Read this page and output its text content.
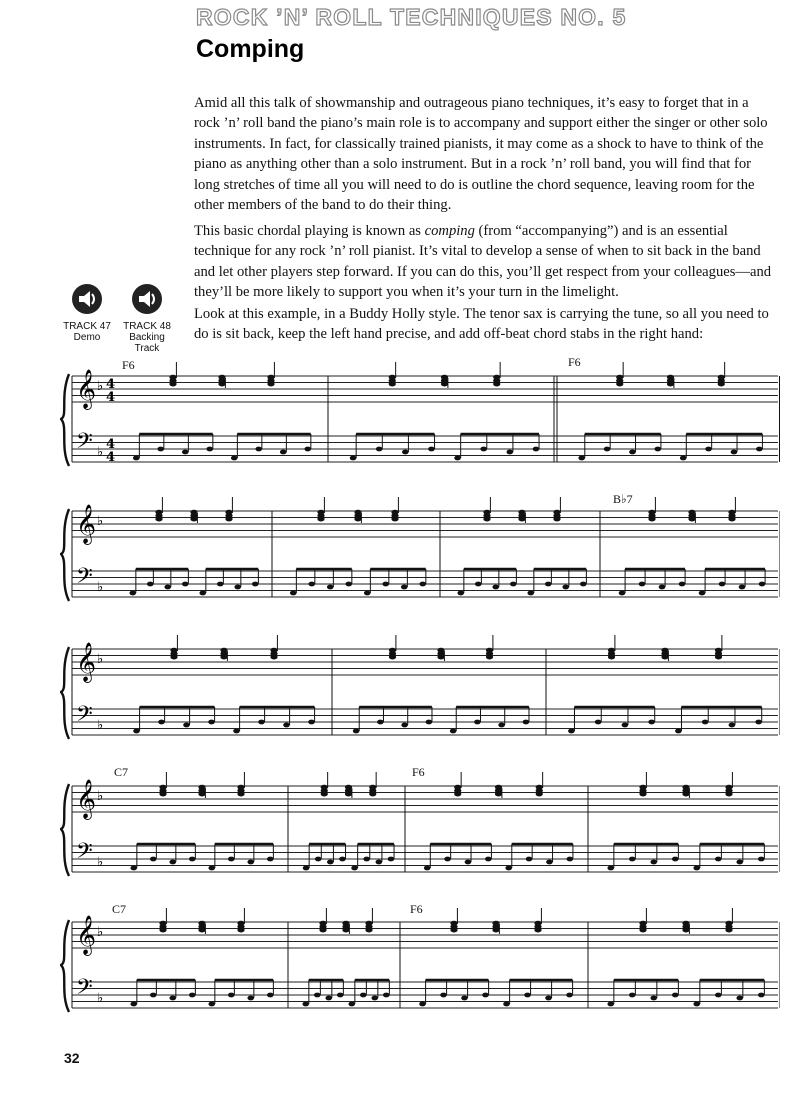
ROCK ’N’ ROLL TECHNIQUES NO. 5
Comping

Amid all this talk of showmanship and outrageous piano techniques, it’s easy to forget that in a rock ’n’ roll band the piano’s main role is to accompany and support either the singer or other solo instruments. In fact, for classically trained pianists, it may come as a shock to have to think of the piano as anything other than a solo instrument. But in a rock ’n’ roll band, you will find that for long stretches of time all you will need to do is outline the chord sequence, leaving room for the other members of the band to do their thing.

This basic chordal playing is known as comping (from “accompanying”) and is an essential technique for any rock ’n’ roll pianist. It’s vital to develop a sense of when to sit back in the band and let other players step forward. If you can do this, you’ll get respect from your colleagues—and they’ll be more likely to support you when it’s your turn in the limelight.

Look at this example, in a Buddy Holly style. The tenor sax is carrying the tune, so all you need to do is sit back, keep the left hand precise, and add off-beat chord stabs in the right hand:

TRACK 47
Demo
TRACK 48
Backing Track
F6	F6
𝄞
𝄢
♭
♭
4
4
4
4
B♭7
𝄞
𝄢
♭
♭
𝄞
𝄢
♭
♭
C7	F6
𝄞
𝄢
♭
♭
C7	F6
𝄞
𝄢
♭
♭
32
